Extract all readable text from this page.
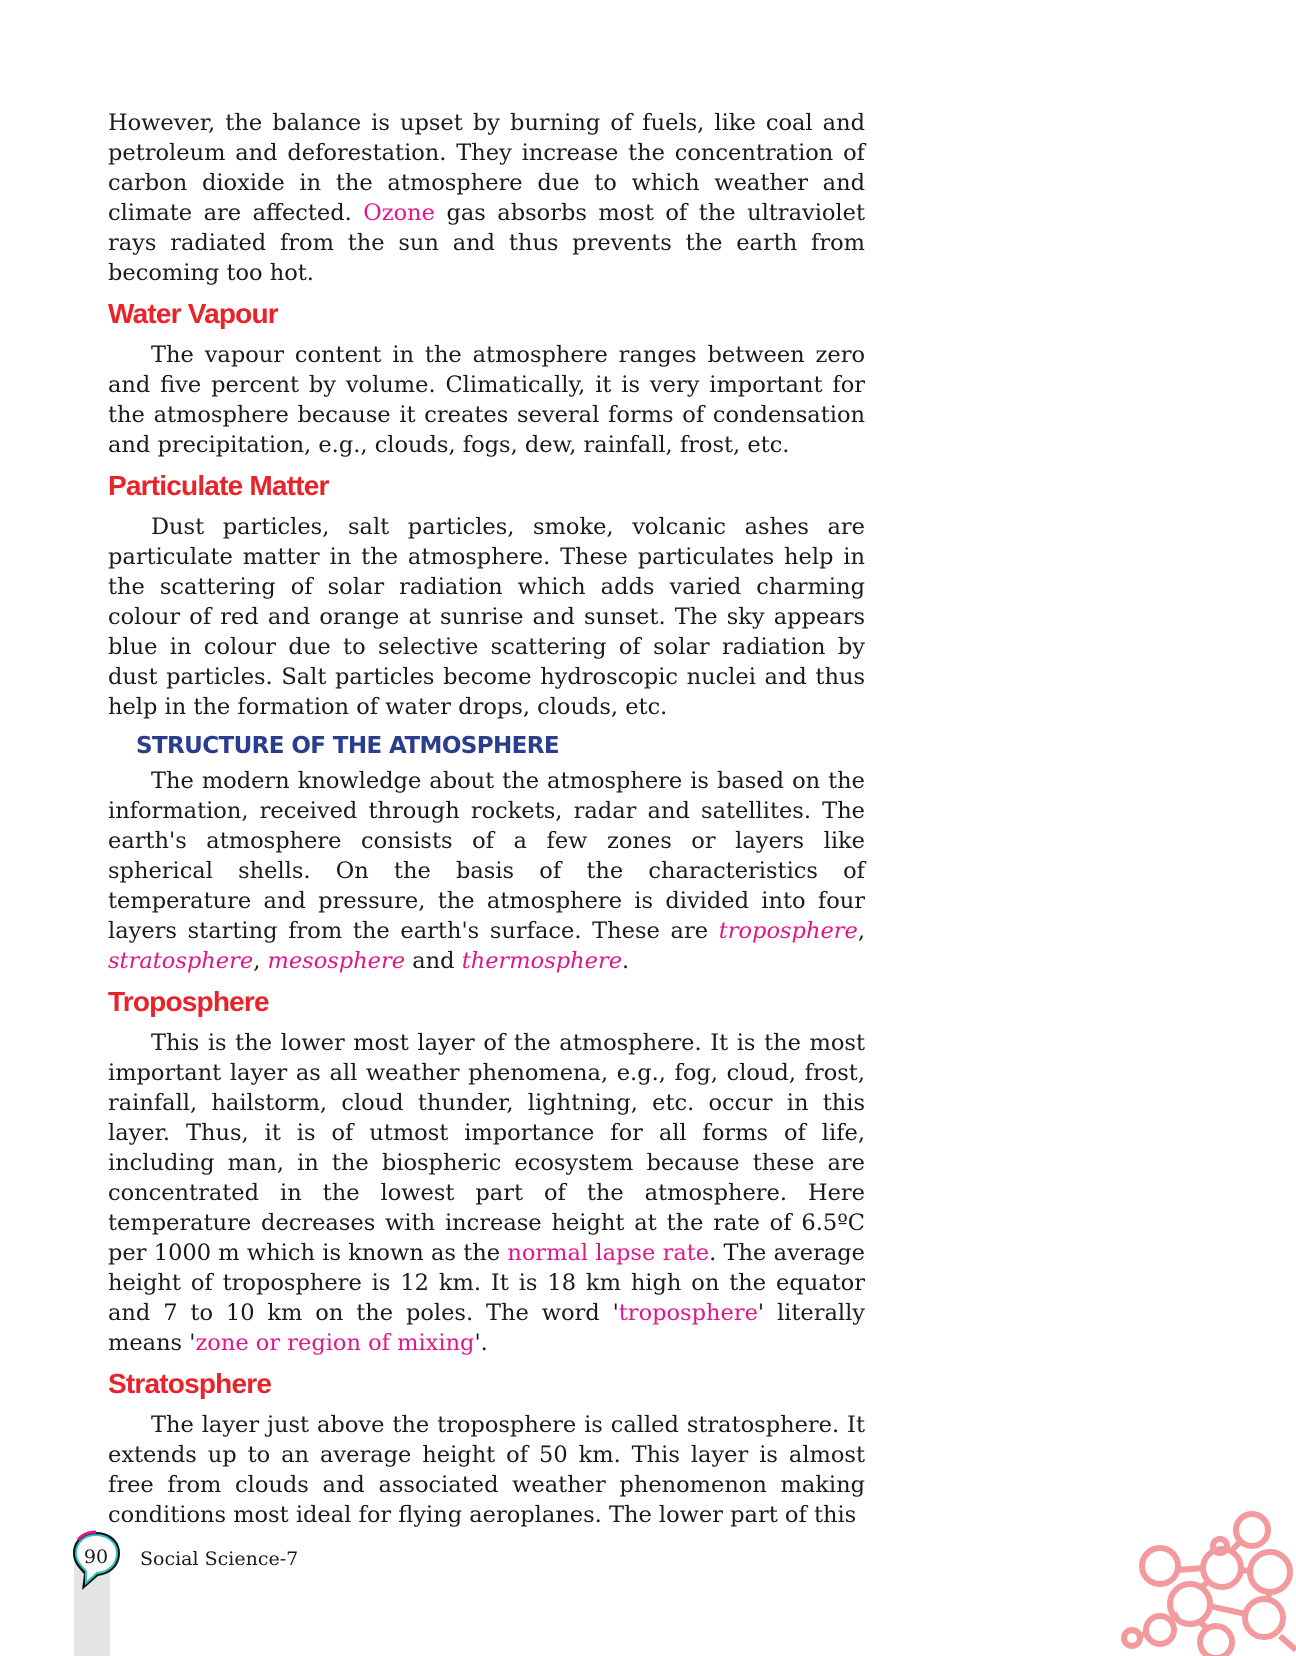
However, the balance is upset by burning of fuels, like coal and petroleum and deforestation. They increase the concentration of carbon dioxide in the atmosphere due to which weather and climate are affected. Ozone gas absorbs most of the ultraviolet rays radiated from the sun and thus prevents the earth from becoming too hot.

Water Vapour

The vapour content in the atmosphere ranges between zero and five percent by volume. Climatically, it is very important for the atmosphere because it creates several forms of condensation and precipitation, e.g., clouds, fogs, dew, rainfall, frost, etc.

Particulate Matter

Dust particles, salt particles, smoke, volcanic ashes are particulate matter in the atmosphere. These particulates help in the scattering of solar radiation which adds varied charming colour of red and orange at sunrise and sunset. The sky appears blue in colour due to selective scattering of solar radiation by dust particles. Salt particles become hydroscopic nuclei and thus help in the formation of water drops, clouds, etc.

STRUCTURE OF THE ATMOSPHERE

The modern knowledge about the atmosphere is based on the information, received through rockets, radar and satellites. The earth's atmosphere consists of a few zones or layers like spherical shells. On the basis of the characteristics of temperature and pressure, the atmosphere is divided into four layers starting from the earth's surface. These are troposphere, stratosphere, mesosphere and thermosphere.

Troposphere

This is the lower most layer of the atmosphere. It is the most important layer as all weather phenomena, e.g., fog, cloud, frost, rainfall, hailstorm, cloud thunder, lightning, etc. occur in this layer. Thus, it is of utmost importance for all forms of life, including man, in the biospheric ecosystem because these are concentrated in the lowest part of the atmosphere. Here temperature decreases with increase height at the rate of 6.5ºC per 1000 m which is known as the normal lapse rate. The average height of troposphere is 12 km. It is 18 km high on the equator and 7 to 10 km on the poles. The word 'troposphere' literally means 'zone or region of mixing'.

Stratosphere

The layer just above the troposphere is called stratosphere. It extends up to an average height of 50 km. This layer is almost free from clouds and associated weather phenomenon making conditions most ideal for flying aeroplanes. The lower part of this

90	Social Science-7
